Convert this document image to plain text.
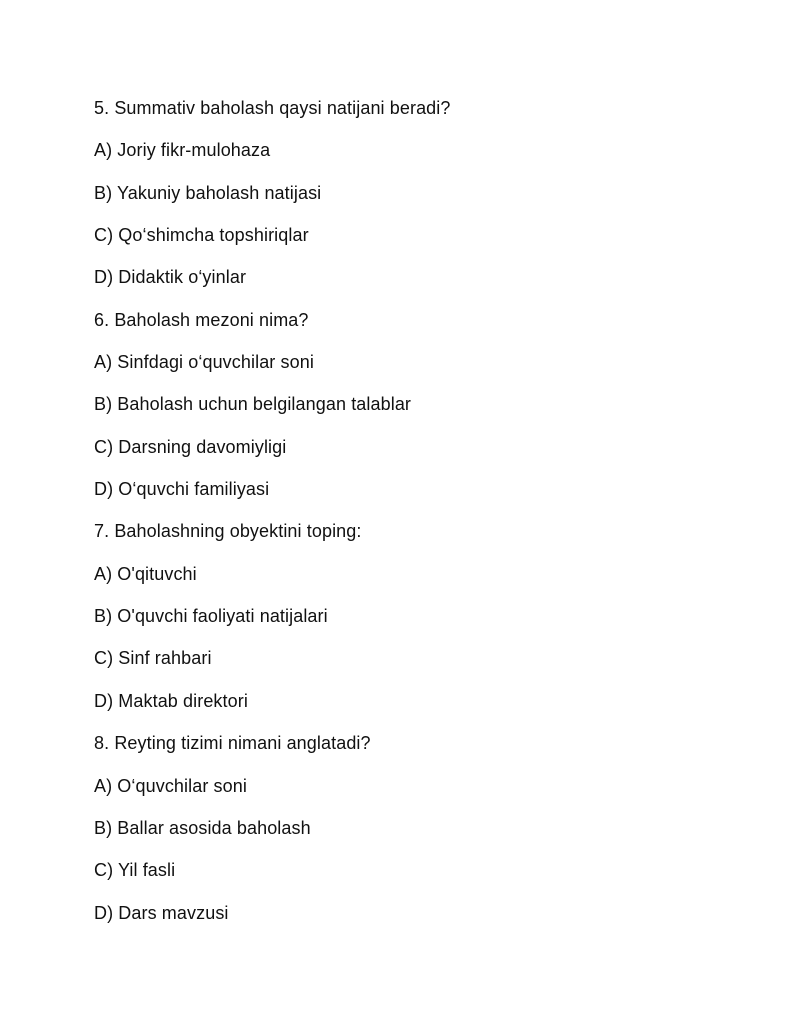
5. Summativ baholash qaysi natijani beradi?
A) Joriy fikr-mulohaza
B) Yakuniy baholash natijasi
C) Qo‘shimcha topshiriqlar
D) Didaktik o‘yinlar
6. Baholash mezoni nima?
A) Sinfdagi o‘quvchilar soni
B) Baholash uchun belgilangan talablar
C) Darsning davomiyligi
D) O‘quvchi familiyasi
7. Baholashning obyektini toping:
A) O'qituvchi
B) O'quvchi faoliyati natijalari
C) Sinf rahbari
D) Maktab direktori
8. Reyting tizimi nimani anglatadi?
A) O‘quvchilar soni
B) Ballar asosida baholash
C) Yil fasli
D) Dars mavzusi
